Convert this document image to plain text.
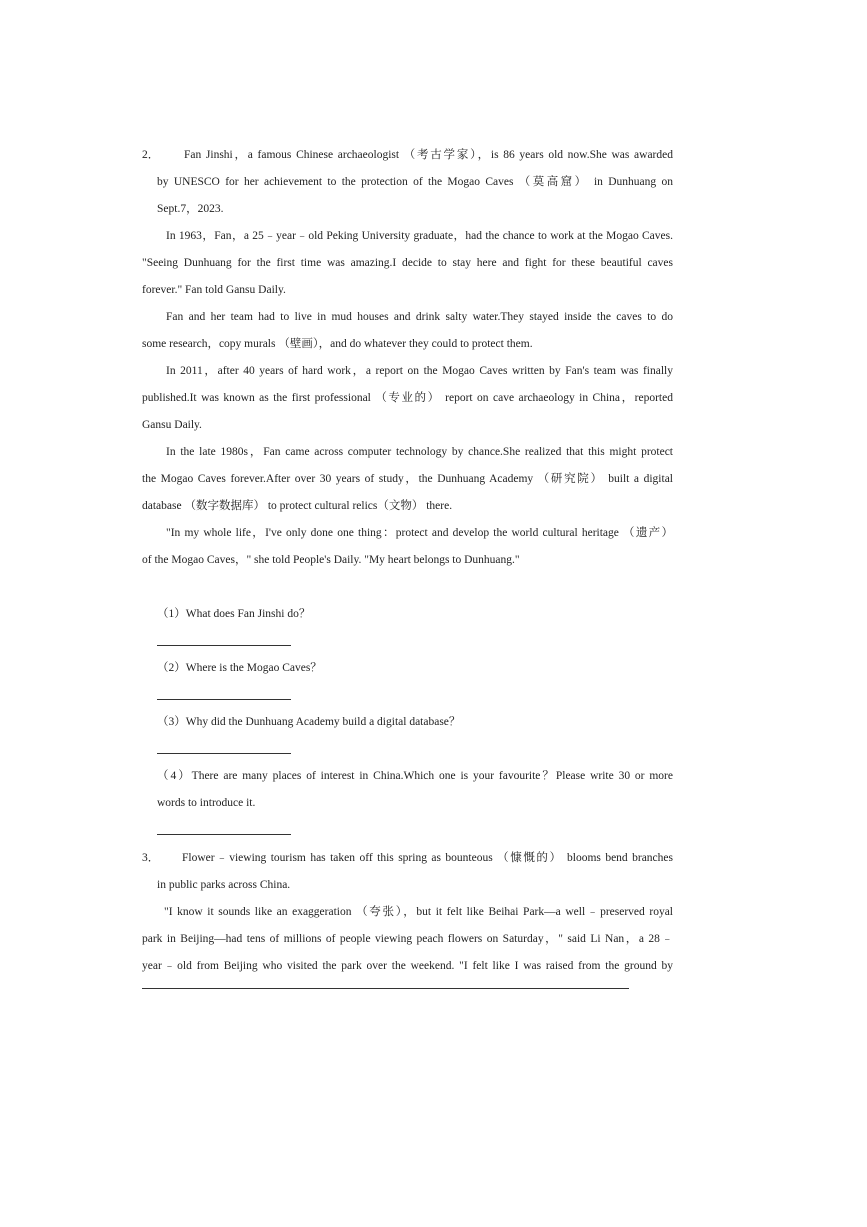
2． Fan Jinshi，a famous Chinese archaeologist （考古学家），is 86 years old now.She was awarded
by UNESCO for her achievement to the protection of the Mogao Caves （莫高窟） in Dunhuang on
Sept.7，2023.
In 1963，Fan，a 25﹣year﹣old Peking University graduate，had the chance to work at the Mogao Caves.
"Seeing Dunhuang for the first time was amazing.I decide to stay here and fight for these beautiful caves
forever." Fan told Gansu Daily.
Fan and her team had to live in mud houses and drink salty water.They stayed inside the caves to do
some research，copy murals （壁画），and do whatever they could to protect them.
In 2011，after 40 years of hard work，a report on the Mogao Caves written by Fan's team was finally
published.It was known as the first professional （专业的） report on cave archaeology in China，reported
Gansu Daily.
In the late 1980s，Fan came across computer technology by chance.She realized that this might protect
the Mogao Caves forever.After over 30 years of study，the Dunhuang Academy （研究院） built a digital
database （数字数据库） to protect cultural relics（文物） there.
"In my whole life，I've only done one thing：protect and develop the world cultural heritage （遗产）
of the Mogao Caves，" she told People's Daily. "My heart belongs to Dunhuang."
（1）What does Fan Jinshi do？
（2）Where is the Mogao Caves？
（3）Why did the Dunhuang Academy build a digital database？
（4）There are many places of interest in China.Which one is your favourite？Please write 30 or more
words to introduce it.
3． Flower﹣viewing tourism has taken off this spring as bounteous （慷慨的） blooms bend branches
in public parks across China.
"I know it sounds like an exaggeration （夸张），but it felt like Beihai Park—a well﹣preserved royal
park in Beijing—had tens of millions of people viewing peach flowers on Saturday，" said Li Nan，a 28﹣
year﹣old from Beijing who visited the park over the weekend. "I felt like I was raised from the ground by
